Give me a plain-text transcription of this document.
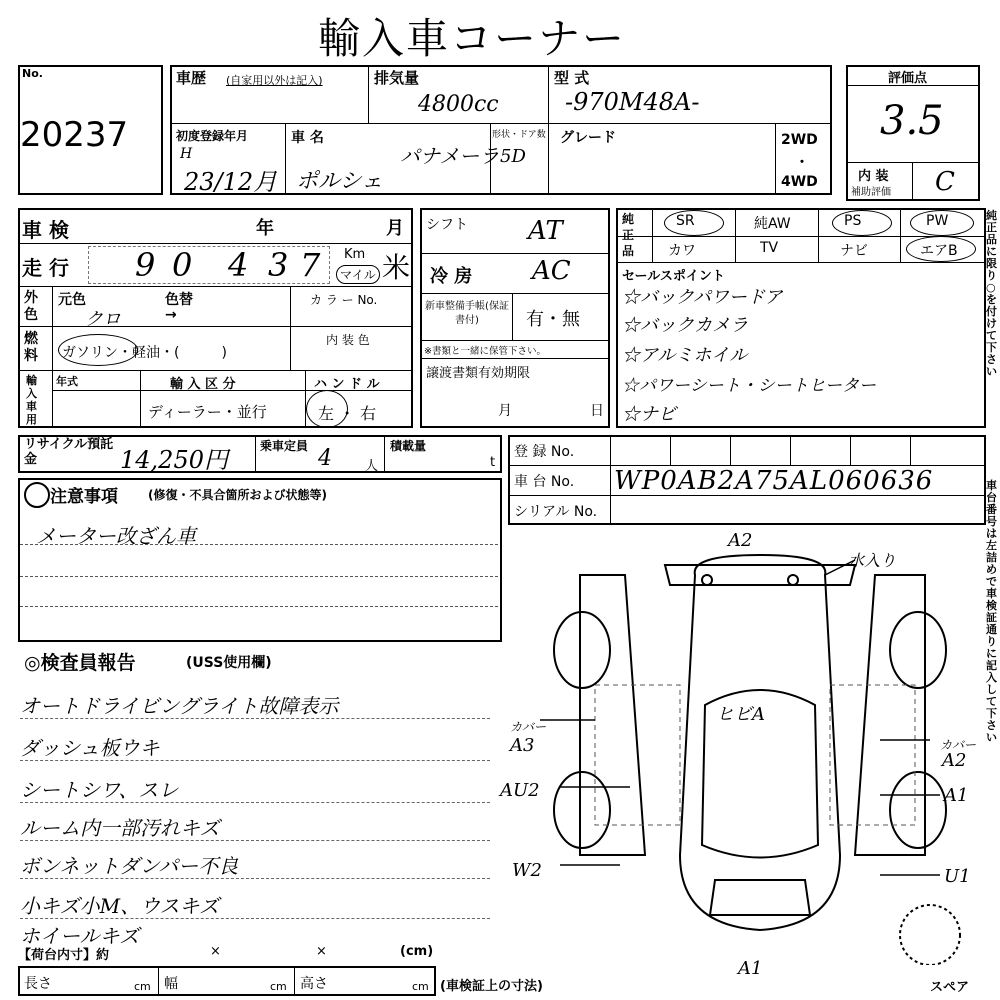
輸入車コーナー
No.
20237
車歴 (自家用以外は記入)	排気量
4800cc
型 式
-970M48A-
初度登録年月
H
23/12月
車 名
パナメーラ
ポルシェ
形状・ドア数
5D
グレード	2WD
・
4WD
評価点
3.5
内 装
補助評価 C
車 検	年	月
走 行 9 0 4 3 7 Km
マイル 米
外 色
元色	色替	カ ラ ー No.
クロ	→
燃 料	ガソリン・軽油・(　　　)
内 装 色
輸入車用
年式	輸 入 区 分
ディーラー・並行
ハ ン ド ル
左 ・ 右
シフト AT
冷 房 AC
新車整備手帳(保証書付)	有・無
※書類と一緒に保管下さい。
譲渡書類有効期限
月	日
純正品
SR	純AW	PS	PW
カワ	TV	ナビ	エアB
セールスポイント
☆バックパワードア
☆バックカメラ
☆アルミホイル
☆パワーシート・シートヒーター
☆ナビ
リサイクル預託金	14,250円	乗車定員 4	人
積載量
t
登 録 No.
車 台 No. WP0AB2A75AL060636
シリアル No.
注意事項	(修復・不具合箇所および状態等)
メーター改ざん車
◎検査員報告	(USS使用欄)
オートドライビングライト故障表示
ダッシュ板ウキ
シートシワ、スレ
ルーム内一部汚れキズ
ボンネットダンパー不良
小キズ小M、ウスキズ
ホイールキズ
【荷台内寸】約	×	×	(cm)
長さ	cm 幅	cm 高さ	cm (車検証上の寸法)
純正品に限り○を付けて下さい
車台番号は左詰めで車検証通りに記入して下さい
A2
水入り
ヒビA
カバー
A3
AU2
W2
カバー
A2
A1
U1
A1
スペア
